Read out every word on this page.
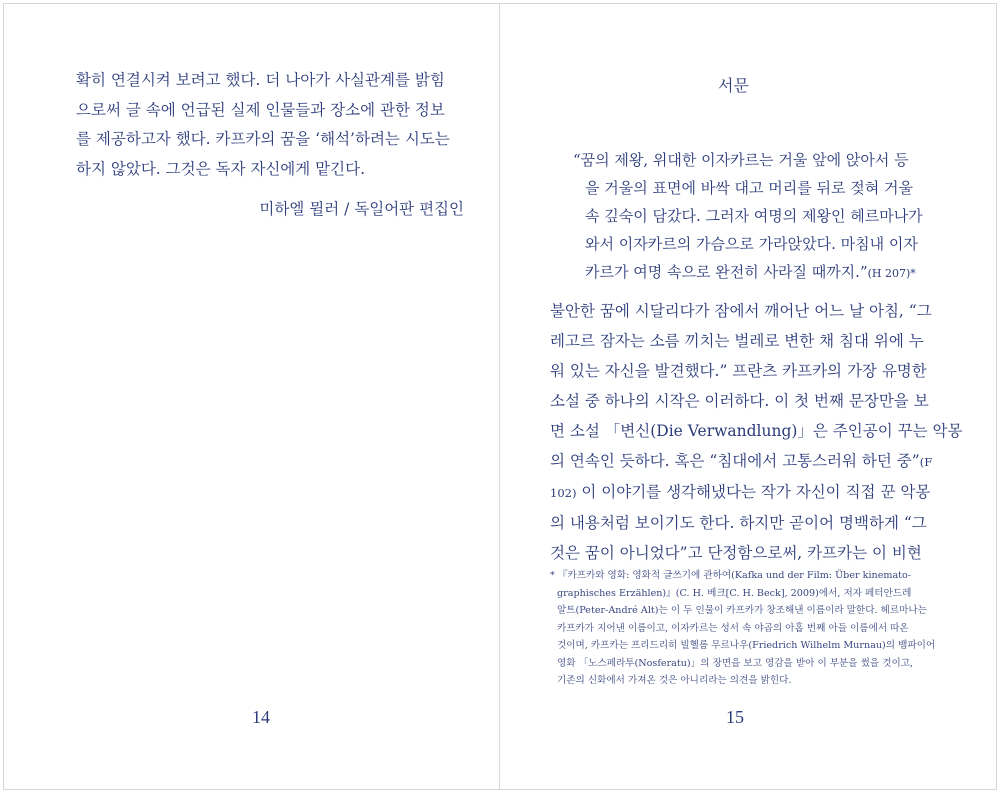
확히 연결시켜 보려고 했다. 더 나아가 사실관계를 밝힘
으로써 글 속에 언급된 실제 인물들과 장소에 관한 정보
를 제공하고자 했다. 카프카의 꿈을 ‘해석’하려는 시도는
하지 않았다. 그것은 독자 자신에게 맡긴다.
미하엘 뮐러 / 독일어판 편집인
14
서문
“꿈의 제왕, 위대한 이자카르는 거울 앞에 앉아서 등
을 거울의 표면에 바싹 대고 머리를 뒤로 젖혀 거울
속 깊숙이 담갔다. 그러자 여명의 제왕인 헤르마나가
와서 이자카르의 가슴으로 가라앉았다. 마침내 이자
카르가 여명 속으로 완전히 사라질 때까지.”(H 207)*
불안한 꿈에 시달리다가 잠에서 깨어난 어느 날 아침, “그
레고르 잠자는 소름 끼치는 벌레로 변한 채 침대 위에 누
워 있는 자신을 발견했다.” 프란츠 카프카의 가장 유명한
소설 중 하나의 시작은 이러하다. 이 첫 번째 문장만을 보
면 소설 「변신(Die Verwandlung)」은 주인공이 꾸는 악몽
의 연속인 듯하다. 혹은 “침대에서 고통스러워 하던 중”(F
102) 이 이야기를 생각해냈다는 작가 자신이 직접 꾼 악몽
의 내용처럼 보이기도 한다. 하지만 곧이어 명백하게 “그
것은 꿈이 아니었다”고 단정함으로써, 카프카는 이 비현
* 『카프카와 영화: 영화적 글쓰기에 관하여(Kafka und der Film: Über kinemato-
graphisches Erzählen)』(C. H. 베크[C. H. Beck], 2009)에서, 저자 페터안드레
알트(Peter-André Alt)는 이 두 인물이 카프카가 창조해낸 이름이라 말한다. 헤르마나는
카프카가 지어낸 이름이고, 이자카르는 성서 속 야곱의 아홉 번째 아들 이름에서 따온
것이며, 카프카는 프리드리히 빌헬름 무르나우(Friedrich Wilhelm Murnau)의 뱀파이어
영화 「노스페라투(Nosferatu)」의 장면을 보고 영감을 받아 이 부분을 썼을 것이고,
기존의 신화에서 가져온 것은 아니리라는 의견을 밝힌다.
15
